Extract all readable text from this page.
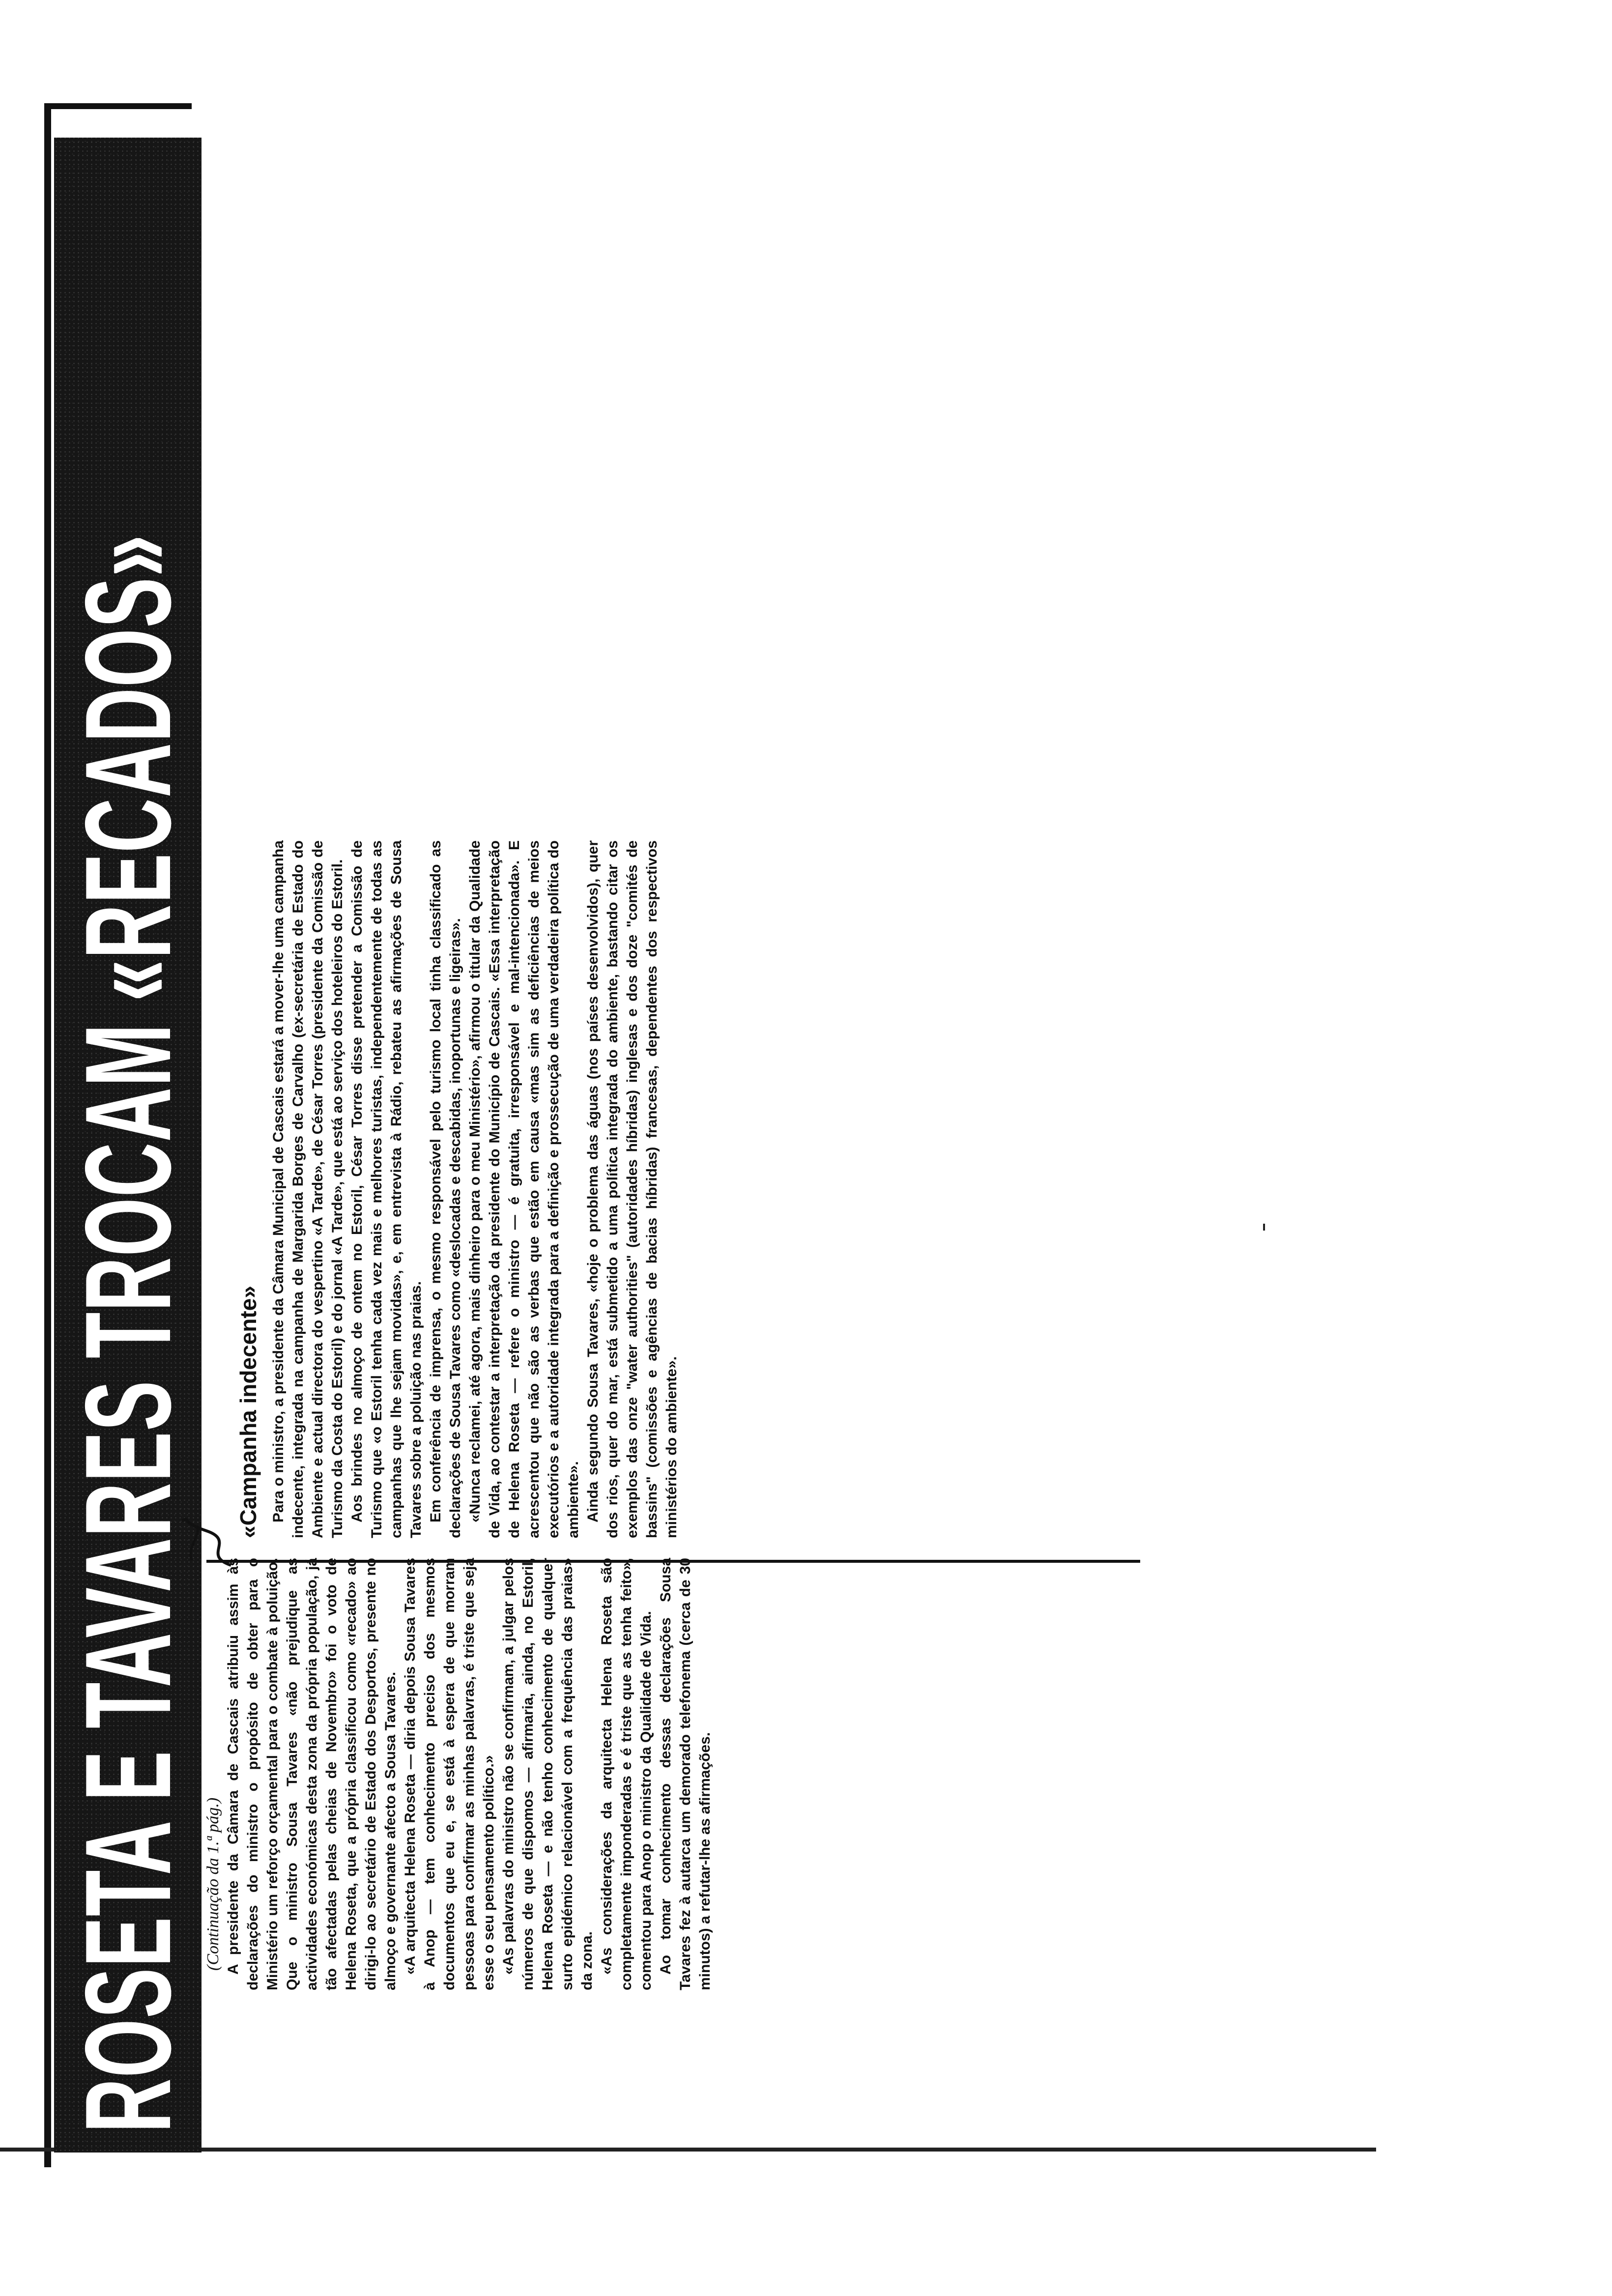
ROSETA E TAVARES TROCAM «RECADOS» (Continuação da 1.ª pág.) A presidente da Câmara de Cascais atribuiu assim às declarações do ministro o propósito de obter para o Ministério um reforço orçamental para o combate à poluição. Que o ministro Sousa Tavares «não prejudique as actividades económicas desta zona da própria população, já tão afectadas pelas cheias de Novembro» foi o voto de Helena Roseta, que a própria classificou como «recado» ao dirigi-lo ao secretário de Estado dos Desportos, presente no almoço e governante afecto a Sousa Tavares. «A arquitecta Helena Roseta — diria depois Sousa Tavares à Anop — tem conhecimento preciso dos mesmos documentos que eu e, se está à espera de que morram pessoas para confirmar as minhas palavras, é triste que seja esse o seu pensamento político.» «As palavras do ministro não se confirmam, a julgar pelos números de que dispomos — afirmaria, ainda, no Estoril, Helena Roseta — e não tenho conhecimento de qualquer surto epidémico relacionável com a frequência das praias» da zona. «As considerações da arquitecta Helena Roseta são completamente imponderadas e é triste que as tenha feito», comentou para Anop o ministro da Qualidade de Vida. Ao tomar conhecimento dessas declarações Sousa Tavares fez à autarca um demorado telefonema (cerca de 30 minutos) a refutar-lhe as afirmações.

«Campanha indecente» Para o ministro, a presidente da Câmara Municipal de Cascais estará a mover-lhe uma campanha indecente, integrada na campanha de Margarida Borges de Carvalho (ex-secretária de Estado do Ambiente e actual directora do vespertino «A Tarde», de César Torres (presidente da Comissão de Turismo da Costa do Estoril) e do jornal «A Tarde», que está ao serviço dos hoteleiros do Estoril. Aos brindes no almoço de ontem no Estoril, César Torres disse pretender a Comissão de Turismo que «o Estoril tenha cada vez mais e melhores turistas, independentemente de todas as campanhas que lhe sejam movidas», e, em entrevista à Rádio, rebateu as afirmações de Sousa Tavares sobre a poluição nas praias. Em conferência de imprensa, o mesmo responsável pelo turismo local tinha classificado as declarações de Sousa Tavares como «deslocadas e descabidas, inoportunas e ligeiras». «Nunca reclamei, até agora, mais dinheiro para o meu Ministério», afirmou o titular da Qualidade de Vida, ao contestar a interpretação da presidente do Município de Cascais. «Essa interpretação de Helena Roseta — refere o ministro — é gratuita, irresponsável e mal-intencionada». E acrescentou que não são as verbas que estão em causa «mas sim as deficiências de meios executórios e a autoridade integrada para a definição e prossecução de uma verdadeira política do ambiente». Ainda segundo Sousa Tavares, «hoje o problema das águas (nos países desenvolvidos), quer dos rios, quer do mar, está submetido a uma política integrada do ambiente, bastando citar os exemplos das onze "water authorities" (autoridades híbridas) inglesas e dos doze "comités de bassins" (comissões e agências de bacias híbridas) francesas, dependentes dos respectivos ministérios do ambiente».
